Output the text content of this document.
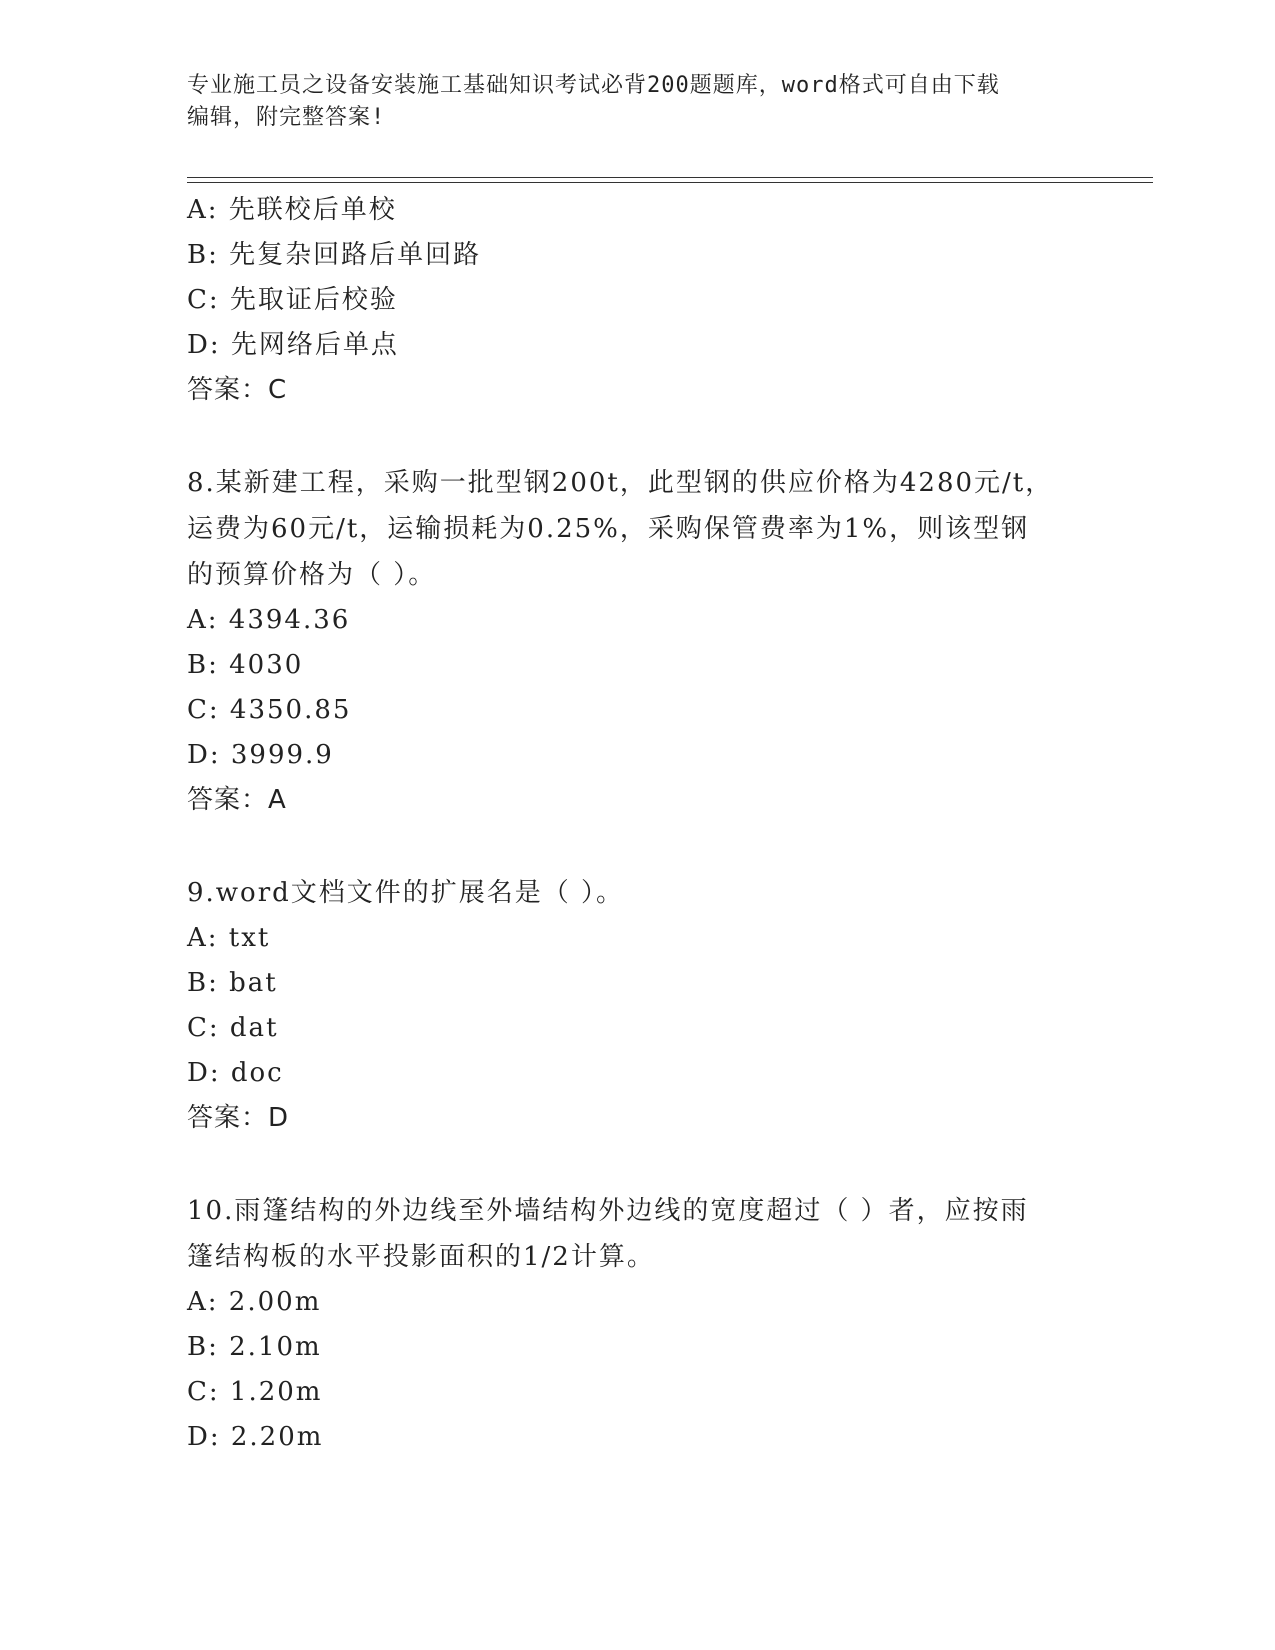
专业施工员之设备安装施工基础知识考试必背200题题库，word格式可自由下载
编辑，附完整答案!
A: 先联校后单校
B: 先复杂回路后单回路
C: 先取证后校验
D: 先网络后单点
答案：C
8.某新建工程，采购一批型钢200t，此型钢的供应价格为4280元/t，
运费为60元/t，运输损耗为0.25%，采购保管费率为1%，则该型钢
的预算价格为（ ）。
A: 4394.36
B: 4030
C: 4350.85
D: 3999.9
答案：A
9.word文档文件的扩展名是（ ）。
A: txt
B: bat
C: dat
D: doc
答案：D
10.雨篷结构的外边线至外墙结构外边线的宽度超过（ ）者，应按雨
篷结构板的水平投影面积的1/2计算。
A: 2.00m
B: 2.10m
C: 1.20m
D: 2.20m
